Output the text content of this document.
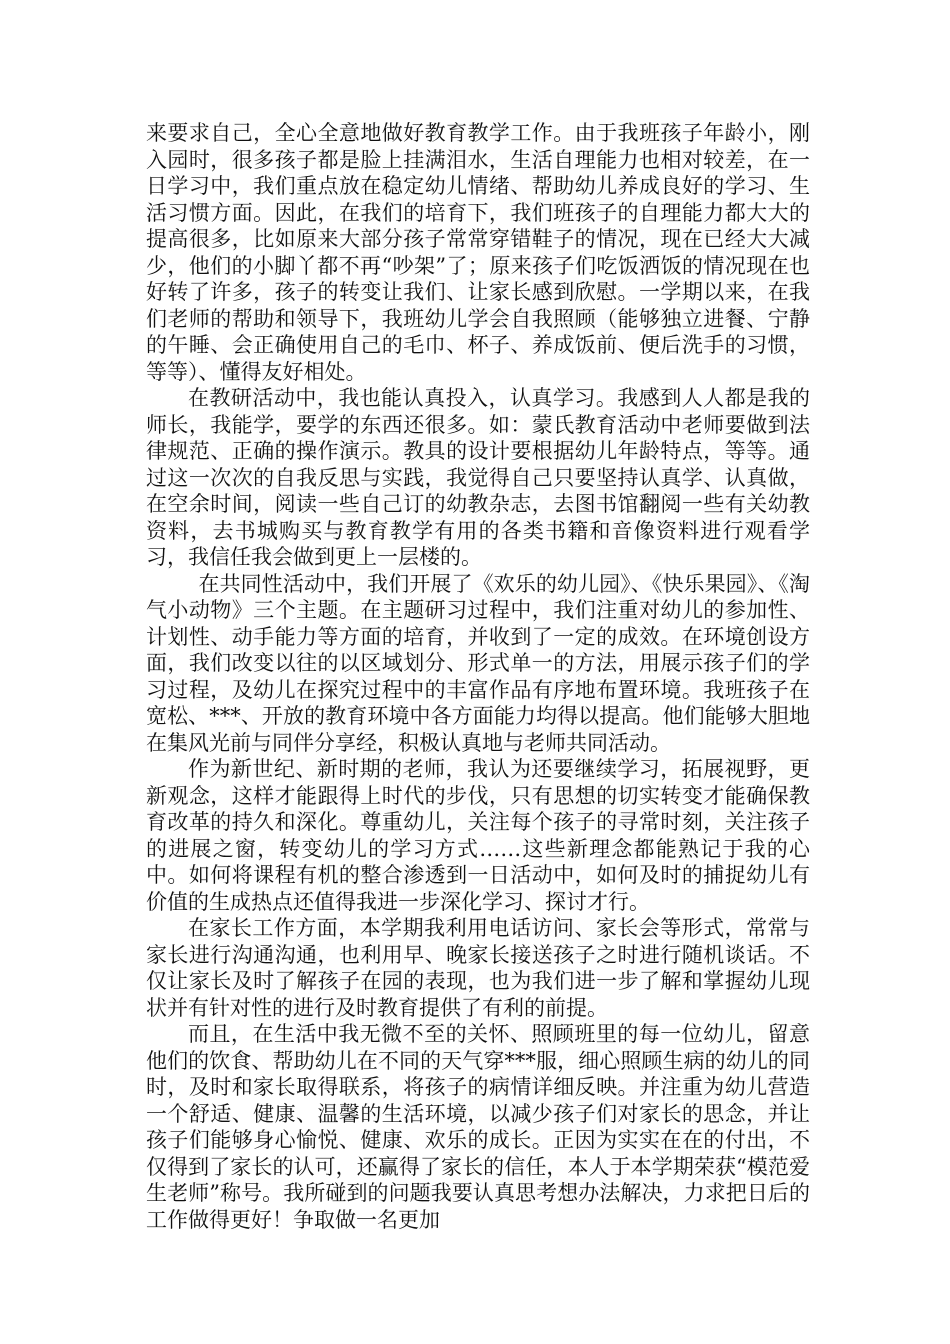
来要求自己，全心全意地做好教育教学工作。由于我班孩子年龄小，刚入园时，很多孩子都是脸上挂满泪水，生活自理能力也相对较差，在一日学习中，我们重点放在稳定幼儿情绪、帮助幼儿养成良好的学习、生活习惯方面。因此，在我们的培育下，我们班孩子的自理能力都大大的提高很多，比如原来大部分孩子常常穿错鞋子的情况，现在已经大大减少，他们的小脚丫都不再“吵架”了；原来孩子们吃饭洒饭的情况现在也好转了许多，孩子的转变让我们、让家长感到欣慰。一学期以来，在我们老师的帮助和领导下，我班幼儿学会自我照顾（能够独立进餐、宁静的午睡、会正确使用自己的毛巾、杯子、养成饭前、便后洗手的习惯，等等）、懂得友好相处。

在教研活动中，我也能认真投入，认真学习。我感到人人都是我的师长，我能学，要学的东西还很多。如：蒙氏教育活动中老师要做到法律规范、正确的操作演示。教具的设计要根据幼儿年龄特点，等等。通过这一次次的自我反思与实践，我觉得自己只要坚持认真学、认真做，在空余时间，阅读一些自己订的幼教杂志，去图书馆翻阅一些有关幼教资料，去书城购买与教育教学有用的各类书籍和音像资料进行观看学习，我信任我会做到更上一层楼的。

在共同性活动中，我们开展了《欢乐的幼儿园》、《快乐果园》、《淘气小动物》三个主题。在主题研习过程中，我们注重对幼儿的参加性、计划性、动手能力等方面的培育，并收到了一定的成效。在环境创设方面，我们改变以往的以区域划分、形式单一的方法，用展示孩子们的学习过程，及幼儿在探究过程中的丰富作品有序地布置环境。我班孩子在宽松、***、开放的教育环境中各方面能力均得以提高。他们能够大胆地在集风光前与同伴分享经，积极认真地与老师共同活动。

作为新世纪、新时期的老师，我认为还要继续学习，拓展视野，更新观念，这样才能跟得上时代的步伐，只有思想的切实转变才能确保教育改革的持久和深化。尊重幼儿，关注每个孩子的寻常时刻，关注孩子的进展之窗，转变幼儿的学习方式……这些新理念都能熟记于我的心中。如何将课程有机的整合渗透到一日活动中，如何及时的捕捉幼儿有价值的生成热点还值得我进一步深化学习、探讨才行。

在家长工作方面，本学期我利用电话访问、家长会等形式，常常与家长进行沟通沟通，也利用早、晚家长接送孩子之时进行随机谈话。不仅让家长及时了解孩子在园的表现，也为我们进一步了解和掌握幼儿现状并有针对性的进行及时教育提供了有利的前提。

而且，在生活中我无微不至的关怀、照顾班里的每一位幼儿，留意他们的饮食、帮助幼儿在不同的天气穿***服，细心照顾生病的幼儿的同时，及时和家长取得联系，将孩子的病情详细反映。并注重为幼儿营造一个舒适、健康、温馨的生活环境，以减少孩子们对家长的思念，并让孩子们能够身心愉悦、健康、欢乐的成长。正因为实实在在的付出，不仅得到了家长的认可，还赢得了家长的信任，本人于本学期荣获“模范爱生老师”称号。我所碰到的问题我要认真思考想办法解决，力求把日后的工作做得更好！争取做一名更加
